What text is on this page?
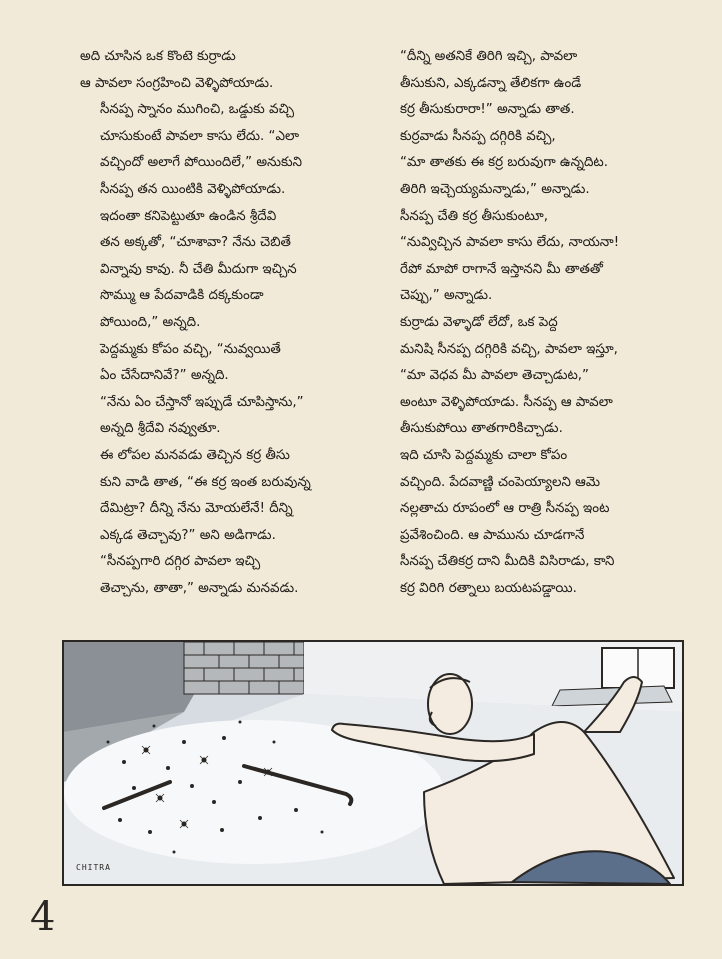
అది చూసిన ఒక కొంటె కుర్రాడు
ఆ పావలా సంగ్రహించి వెళ్ళిపోయాడు.

సీనప్ప స్నానం ముగించి, ఒడ్డుకు వచ్చి
చూసుకుంటే పావలా కాసు లేదు. “ఎలా
వచ్చిందో అలాగే పోయిందిలే,” అనుకుని
సీనప్ప తన యింటికి వెళ్ళిపోయాడు.

ఇదంతా కనిపెట్టుతూ ఉండిన శ్రీదేవి
తన అక్కతో, “చూశావా? నేను చెబితే
విన్నావు కావు. నీ చేతి మీదుగా ఇచ్చిన
సొమ్ము ఆ పేదవాడికి దక్కకుండా
పోయింది,” అన్నది.

పెద్దమ్మకు కోపం వచ్చి, “నువ్వయితే
ఏం చేసేదానివే?” అన్నది.

“నేను ఏం చేస్తానో ఇప్పుడే చూపిస్తాను,”
అన్నది శ్రీదేవి నవ్వుతూ.

ఈ లోపల మనవడు తెచ్చిన కర్ర తీసు
కుని వాడి తాత, “ఈ కర్ర ఇంత బరువున్న
దేమిట్రా? దీన్ని నేను మోయలేనే! దీన్ని
ఎక్కడ తెచ్చావు?” అని అడిగాడు.

“సీనప్పగారి దగ్గిర పావలా ఇచ్చి
తెచ్చాను, తాతా,” అన్నాడు మనవడు.

“దీన్ని అతనికే తిరిగి ఇచ్చి, పావలా
తీసుకుని, ఎక్కడన్నా తేలికగా ఉండే
కర్ర తీసుకురారా!” అన్నాడు తాత.

కుర్రవాడు సీనప్ప దగ్గిరికి వచ్చి,
“మా తాతకు ఈ కర్ర బరువుగా ఉన్నదిట.
తిరిగి ఇచ్చెయ్యమన్నాడు,” అన్నాడు.

సీనప్ప చేతి కర్ర తీసుకుంటూ,
“నువ్విచ్చిన పావలా కాసు లేదు, నాయనా!
రేపో మాపో రాగానే ఇస్తానని మీ తాతతో
చెప్పు,” అన్నాడు.

కుర్రాడు వెళ్ళాడో లేదో, ఒక పెద్ద
మనిషి సీనప్ప దగ్గిరికి వచ్చి, పావలా ఇస్తూ,
“మా వెధవ మీ పావలా తెచ్చాడుట,”
అంటూ వెళ్ళిపోయాడు. సీనప్ప ఆ పావలా
తీసుకుపోయి తాతగారికిచ్చాడు.

ఇది చూసి పెద్దమ్మకు చాలా కోపం
వచ్చింది. పేదవాణ్ణి చంపెయ్యాలని ఆమె
నల్లతాచు రూపంలో ఆ రాత్రి సీనప్ప ఇంట
ప్రవేశించింది. ఆ పామును చూడగానే
సీనప్ప చేతికర్ర దాని మీదికి విసిరాడు, కాని
కర్ర విరిగి రత్నాలు బయటపడ్డాయి.

CHITRA
4
